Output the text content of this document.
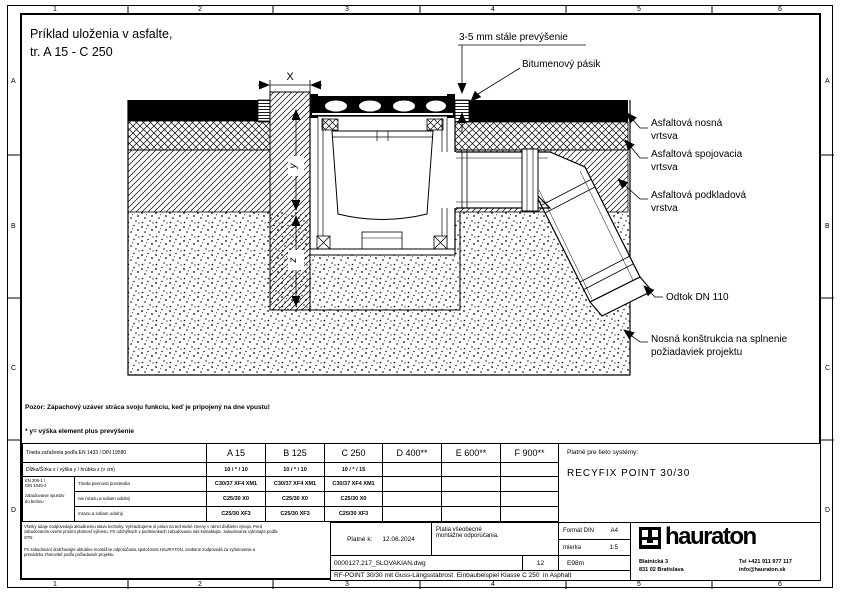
1	2	3	4	5	6
1	2	3	4	5	6
A
B
C
D
A
B
C
D
Príklad uloženia v asfalte,
tr. A 15 - C 250
X
y
z
3-5 mm stále prevýšenie
Bitumenový pásik
Asfaltová nosná
vrtsva
Asfaltová spojovacia
vrtsva
Asfaltová podkladová
vrstva
Odtok DN 110
Nosná konštrukcia na splnenie
požiadaviek projektu
Pozor: Zápachový uzáver stráca svoju funkciu, keď je pripojený na dne vpustu!
* y= výška element plus prevýšenie
Trieda zaťaženia podľa EN 1433 / DIN 19580	A 15	B 125	C 250	D 400**	E 600**	F 900**
Dĺžka/Šírka x / výška y / hrúbka z (v cm)	10 / * / 10	10 / * / 10	10 / * / 15
EN 206-1 /
DIN 1045-2
zabudovanie vpustov
do betónu
Trieda pevnosti prostredia	C30/37 XF4 XM1	C30/37 XF4 XM1	C30/37 XF4 XM1
nie mrazu a soliam odolný	C25/30 X0	C25/30 X0	C25/30 X0
mrazu a soliam odolný	C25/30 XF3	C25/30 XF3	C25/30 XF3
Platné pre tieto systémy:
RECYFIX POINT 30/30
Všetky údaje zodpovedajú aktuálnemu stavu techniky. Vyhradzujeme si právo na technické zmeny v rámci ďalšieho vývoja. Pred
zabudovaním overte prosím platnosť výkresu. Pri odchýlkach v podmienkach zabudovania nás kontaktujte, zabudovanie vykonajte podľa
STN.
Pri zabudovaní dodržiavajte aktuálne montážne odporúčania spoločnosti HAURATON, osobitne zodpovedá za vyhotovenie a
prevádzku zhotoviteľ podľa požiadaviek projektu.
Platné k: 12.06.2024
Platia všeobecné
montážne odporúčania.
Formát DIN	A4
mierka	1:5
0000127.217_SLOVAKIAN.dwg	12	E98m
RF-POINT 30/30 mit Guss-Längsstabrost  Einbaubeispiel Klasse C 250  in Asphalt
hauraton
Blatnická 3
831 02 Bratislava
Tel +421 911 977 117
info@hauraton.sk
